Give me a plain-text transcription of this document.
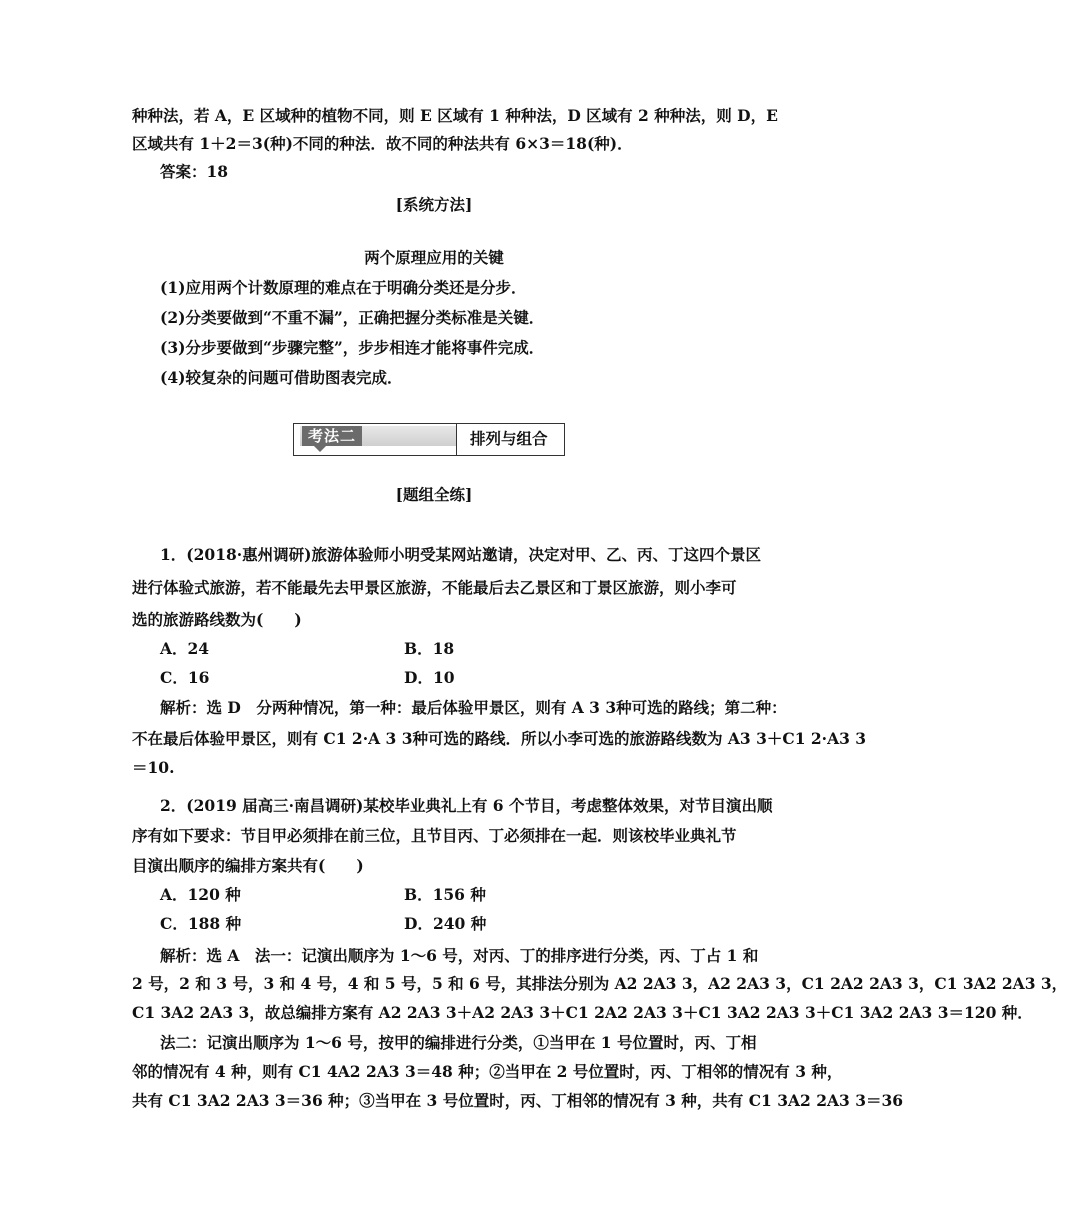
种种法，若 A，E 区域种的植物不同，则 E 区域有 1 种种法，D 区域有 2 种种法，则 D，E
区域共有 1＋2＝3(种)不同的种法．故不同的种法共有 6×3＝18(种)．
答案：18
[系统方法]
两个原理应用的关键
(1)应用两个计数原理的难点在于明确分类还是分步．
(2)分类要做到“不重不漏”，正确把握分类标准是关键．
(3)分步要做到“步骤完整”，步步相连才能将事件完成．
(4)较复杂的问题可借助图表完成．
考法二	排列与组合
[题组全练]
1．(2018·惠州调研)旅游体验师小明受某网站邀请，决定对甲、乙、丙、丁这四个景区
进行体验式旅游，若不能最先去甲景区旅游，不能最后去乙景区和丁景区旅游，则小李可
选的旅游路线数为(　　)
A．24	B．18
C．16	D．10
解析：选 D　分两种情况，第一种：最后体验甲景区，则有 A 3 3种可选的路线；第二种：
不在最后体验甲景区，则有 C1 2·A 3 3种可选的路线．所以小李可选的旅游路线数为 A3 3＋C1 2·A3 3
＝10.
2．(2019 届高三·南昌调研)某校毕业典礼上有 6 个节目，考虑整体效果，对节目演出顺
序有如下要求：节目甲必须排在前三位，且节目丙、丁必须排在一起．则该校毕业典礼节
目演出顺序的编排方案共有(　　)
A．120 种	B．156 种
C．188 种	D．240 种
解析：选 A　法一：记演出顺序为 1～6 号，对丙、丁的排序进行分类，丙、丁占 1 和
2 号，2 和 3 号，3 和 4 号，4 和 5 号，5 和 6 号，其排法分别为 A2 2A3 3，A2 2A3 3，C1 2A2 2A3 3，C1 3A2 2A3 3，
C1 3A2 2A3 3，故总编排方案有 A2 2A3 3＋A2 2A3 3＋C1 2A2 2A3 3＋C1 3A2 2A3 3＋C1 3A2 2A3 3＝120 种．
法二：记演出顺序为 1～6 号，按甲的编排进行分类，①当甲在 1 号位置时，丙、丁相
邻的情况有 4 种，则有 C1 4A2 2A3 3＝48 种；②当甲在 2 号位置时，丙、丁相邻的情况有 3 种，
共有 C1 3A2 2A3 3＝36 种；③当甲在 3 号位置时，丙、丁相邻的情况有 3 种，共有 C1 3A2 2A3 3＝36
